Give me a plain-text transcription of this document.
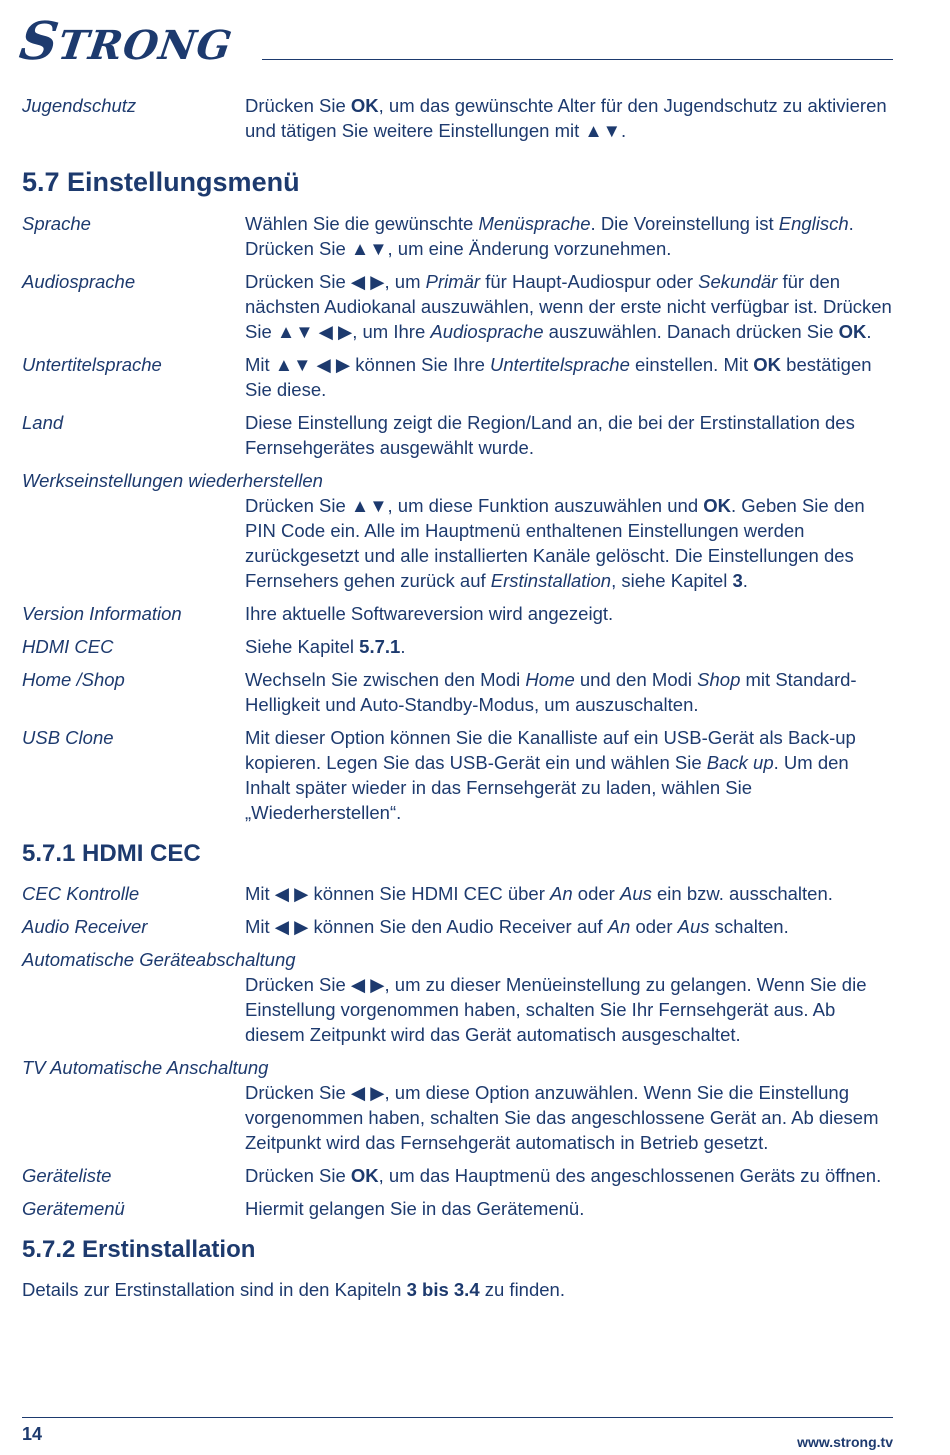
STRONG
Jugendschutz	Drücken Sie OK, um das gewünschte Alter für den Jugendschutz zu aktivieren und tätigen Sie weitere Einstellungen mit ▲▼.
5.7 Einstellungsmenü
Sprache	Wählen Sie die gewünschte Menüsprache. Die Voreinstellung ist Englisch. Drücken Sie ▲▼, um eine Änderung vorzunehmen.
Audiosprache	Drücken Sie ◀ ▶, um Primär für Haupt-Audiospur oder Sekundär für den nächsten Audiokanal auszuwählen, wenn der erste nicht verfügbar ist. Drücken Sie ▲▼ ◀ ▶, um Ihre Audiosprache auszuwählen. Danach drücken Sie OK.
Untertitelsprache	Mit ▲▼ ◀ ▶ können Sie Ihre Untertitelsprache einstellen. Mit OK bestätigen Sie diese.
Land	Diese Einstellung zeigt die Region/Land an, die bei der Erstinstallation des Fernsehgerätes ausgewählt wurde.
Werkseinstellungen wiederherstellen
Drücken Sie ▲▼, um diese Funktion auszuwählen und OK. Geben Sie den PIN Code ein. Alle im Hauptmenü enthaltenen Einstellungen werden zurückgesetzt und alle installierten Kanäle gelöscht. Die Einstellungen des Fernsehers gehen zurück auf Erstinstallation, siehe Kapitel 3.
Version Information	Ihre aktuelle Softwareversion wird angezeigt.
HDMI CEC	Siehe Kapitel 5.7.1.
Home /Shop	Wechseln Sie zwischen den Modi Home und den Modi Shop mit Standard-Helligkeit und Auto-Standby-Modus, um auszuschalten.
USB Clone	Mit dieser Option können Sie die Kanalliste auf ein USB-Gerät als Back-up kopieren. Legen Sie das USB-Gerät ein und wählen Sie Back up. Um den Inhalt später wieder in das Fernsehgerät zu laden, wählen Sie „Wiederherstellen“.
5.7.1 HDMI CEC
CEC Kontrolle	Mit ◀ ▶ können Sie HDMI CEC über An oder Aus ein bzw. ausschalten.
Audio Receiver	Mit ◀ ▶ können Sie den Audio Receiver auf An oder Aus schalten.
Automatische Geräteabschaltung
Drücken Sie ◀ ▶, um zu dieser Menüeinstellung zu gelangen. Wenn Sie die Einstellung vorgenommen haben, schalten Sie Ihr Fernsehgerät aus. Ab diesem Zeitpunkt wird das Gerät automatisch ausgeschaltet.
TV Automatische Anschaltung
Drücken Sie ◀ ▶, um diese Option anzuwählen. Wenn Sie die Einstellung vorgenommen haben, schalten Sie das angeschlossene Gerät an. Ab diesem Zeitpunkt wird das Fernsehgerät automatisch in Betrieb gesetzt.
Geräteliste	Drücken Sie OK, um das Hauptmenü des angeschlossenen Geräts zu öffnen.
Gerätemenü	Hiermit gelangen Sie in das Gerätemenü.
5.7.2 Erstinstallation
Details zur Erstinstallation sind in den Kapiteln 3 bis 3.4 zu finden.
14	www.strong.tv
